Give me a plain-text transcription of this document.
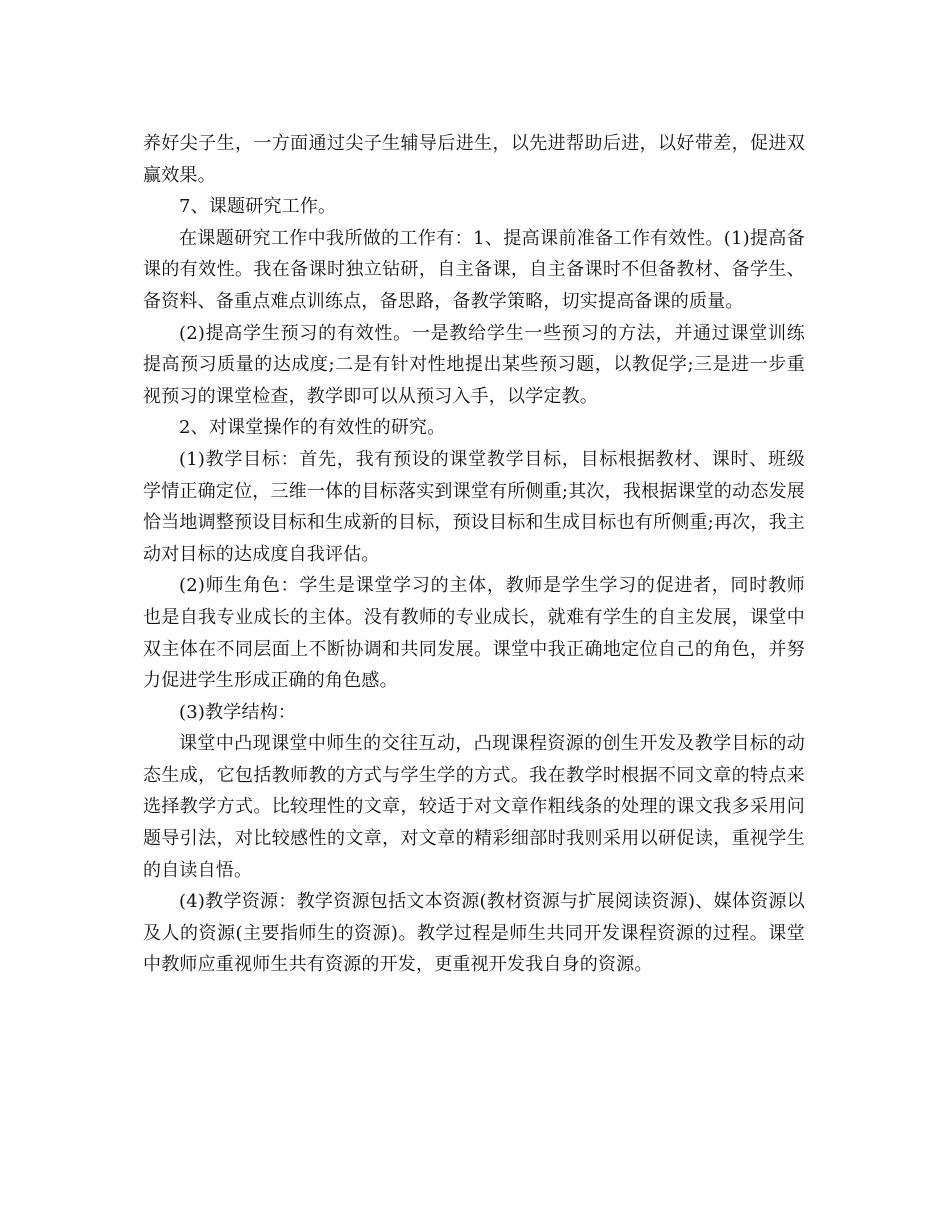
养好尖子生，一方面通过尖子生辅导后进生，以先进帮助后进，以好带差，促进双赢效果。

7、课题研究工作。

在课题研究工作中我所做的工作有：1、提高课前准备工作有效性。(1)提高备课的有效性。我在备课时独立钻研，自主备课，自主备课时不但备教材、备学生、备资料、备重点难点训练点，备思路，备教学策略，切实提高备课的质量。

(2)提高学生预习的有效性。一是教给学生一些预习的方法，并通过课堂训练提高预习质量的达成度;二是有针对性地提出某些预习题，以教促学;三是进一步重视预习的课堂检查，教学即可以从预习入手，以学定教。

2、对课堂操作的有效性的研究。

(1)教学目标：首先，我有预设的课堂教学目标，目标根据教材、课时、班级学情正确定位，三维一体的目标落实到课堂有所侧重;其次，我根据课堂的动态发展恰当地调整预设目标和生成新的目标，预设目标和生成目标也有所侧重;再次，我主动对目标的达成度自我评估。

(2)师生角色：学生是课堂学习的主体，教师是学生学习的促进者，同时教师也是自我专业成长的主体。没有教师的专业成长，就难有学生的自主发展，课堂中双主体在不同层面上不断协调和共同发展。课堂中我正确地定位自己的角色，并努力促进学生形成正确的角色感。

(3)教学结构：

课堂中凸现课堂中师生的交往互动，凸现课程资源的创生开发及教学目标的动态生成，它包括教师教的方式与学生学的方式。我在教学时根据不同文章的特点来选择教学方式。比较理性的文章，较适于对文章作粗线条的处理的课文我多采用问题导引法，对比较感性的文章，对文章的精彩细部时我则采用以研促读，重视学生的自读自悟。

(4)教学资源：教学资源包括文本资源(教材资源与扩展阅读资源)、媒体资源以及人的资源(主要指师生的资源)。教学过程是师生共同开发课程资源的过程。课堂中教师应重视师生共有资源的开发，更重视开发我自身的资源。
